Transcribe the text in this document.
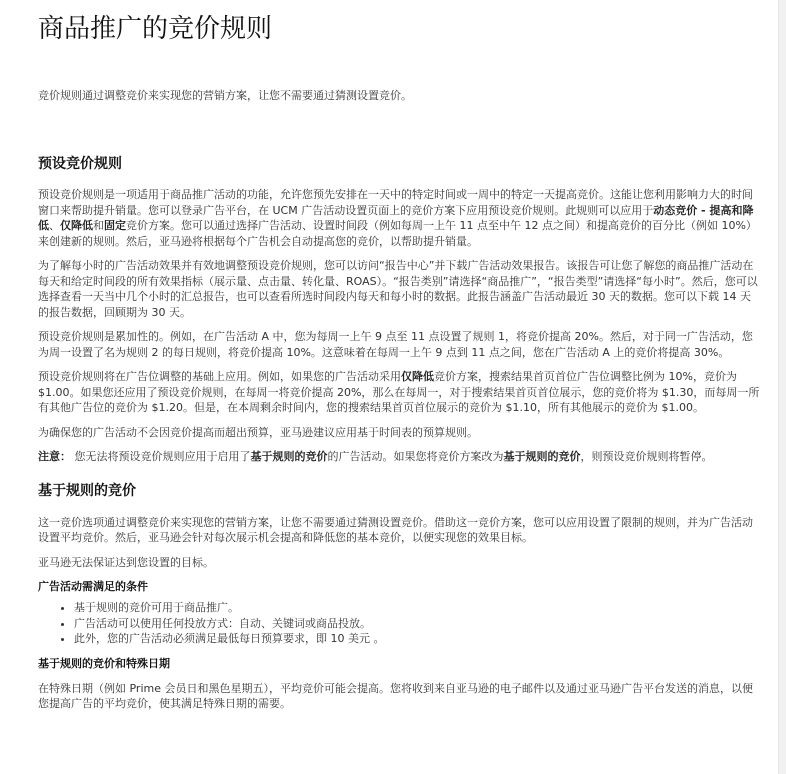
商品推广的竞价规则

竞价规则通过调整竞价来实现您的营销方案，让您不需要通过猜测设置竞价。

预设竞价规则

预设竞价规则是一项适用于商品推广活动的功能，允许您预先安排在一天中的特定时间或一周中的特定一天提高竞价。这能让您利用影响力大的时间窗口来帮助提升销量。您可以登录广告平台，在 UCM 广告活动设置页面上的竞价方案下应用预设竞价规则。此规则可以应用于动态竞价 - 提高和降低、仅降低和固定竞价方案。您可以通过选择广告活动、设置时间段（例如每周一上午 11 点至中午 12 点之间）和提高竞价的百分比（例如 10%）来创建新的规则。然后，亚马逊将根据每个广告机会自动提高您的竞价，以帮助提升销量。

为了解每小时的广告活动效果并有效地调整预设竞价规则，您可以访问“报告中心”并下载广告活动效果报告。该报告可让您了解您的商品推广活动在每天和给定时间段的所有效果指标（展示量、点击量、转化量、ROAS）。“报告类别”请选择“商品推广”，“报告类型”请选择“每小时”。然后，您可以选择查看一天当中几个小时的汇总报告，也可以查看所选时间段内每天和每小时的数据。此报告涵盖广告活动最近 30 天的数据。您可以下载 14 天的报告数据，回顾期为 30 天。

预设竞价规则是累加性的。例如，在广告活动 A 中，您为每周一上午 9 点至 11 点设置了规则 1，将竞价提高 20%。然后，对于同一广告活动，您为周一设置了名为规则 2 的每日规则，将竞价提高 10%。这意味着在每周一上午 9 点到 11 点之间，您在广告活动 A 上的竞价将提高 30%。

预设竞价规则将在广告位调整的基础上应用。例如，如果您的广告活动采用仅降低竞价方案，搜索结果首页首位广告位调整比例为 10%，竞价为 $1.00。如果您还应用了预设竞价规则，在每周一将竞价提高 20%，那么在每周一，对于搜索结果首页首位展示，您的竞价将为 $1.30，而每周一所有其他广告位的竞价为 $1.20。但是，在本周剩余时间内，您的搜索结果首页首位展示的竞价为 $1.10，所有其他展示的竞价为 $1.00。

为确保您的广告活动不会因竞价提高而超出预算，亚马逊建议应用基于时间表的预算规则。

注意： 您无法将预设竞价规则应用于启用了基于规则的竞价的广告活动。如果您将竞价方案改为基于规则的竞价，则预设竞价规则将暂停。

基于规则的竞价

这一竞价选项通过调整竞价来实现您的营销方案，让您不需要通过猜测设置竞价。借助这一竞价方案，您可以应用设置了限制的规则，并为广告活动设置平均竞价。然后，亚马逊会针对每次展示机会提高和降低您的基本竞价，以便实现您的效果目标。

亚马逊无法保证达到您设置的目标。

广告活动需满足的条件
• 基于规则的竞价可用于商品推广。
• 广告活动可以使用任何投放方式：自动、关键词或商品投放。
• 此外，您的广告活动必须满足最低每日预算要求，即 10 美元 。
基于规则的竞价和特殊日期

在特殊日期（例如 Prime 会员日和黑色星期五），平均竞价可能会提高。您将收到来自亚马逊的电子邮件以及通过亚马逊广告平台发送的消息，以便您提高广告的平均竞价，使其满足特殊日期的需要。
